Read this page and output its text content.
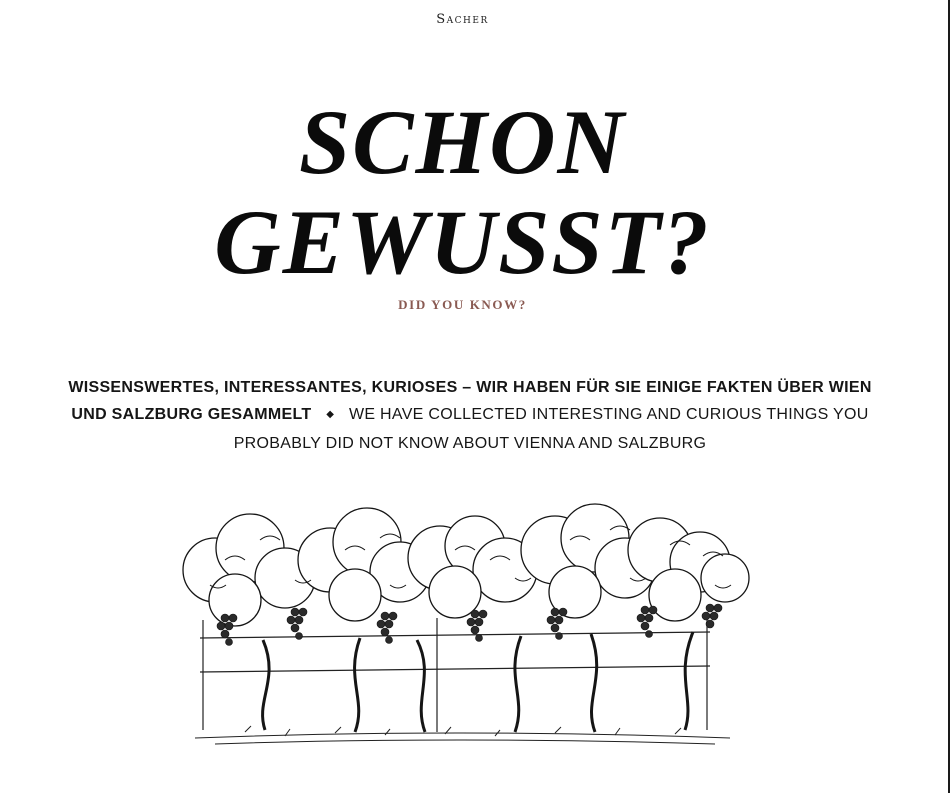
Sacher
SCHON
GEWUSST?
DID YOU KNOW?

WISSENSWERTES, INTERESSANTES, KURIOSES – WIR HABEN FÜR SIE EINIGE FAKTEN ÜBER WIEN UND SALZBURG GESAMMELT ◆ WE HAVE COLLECTED INTERESTING AND CURIOUS THINGS YOU PROBABLY DID NOT KNOW ABOUT VIENNA AND SALZBURG
